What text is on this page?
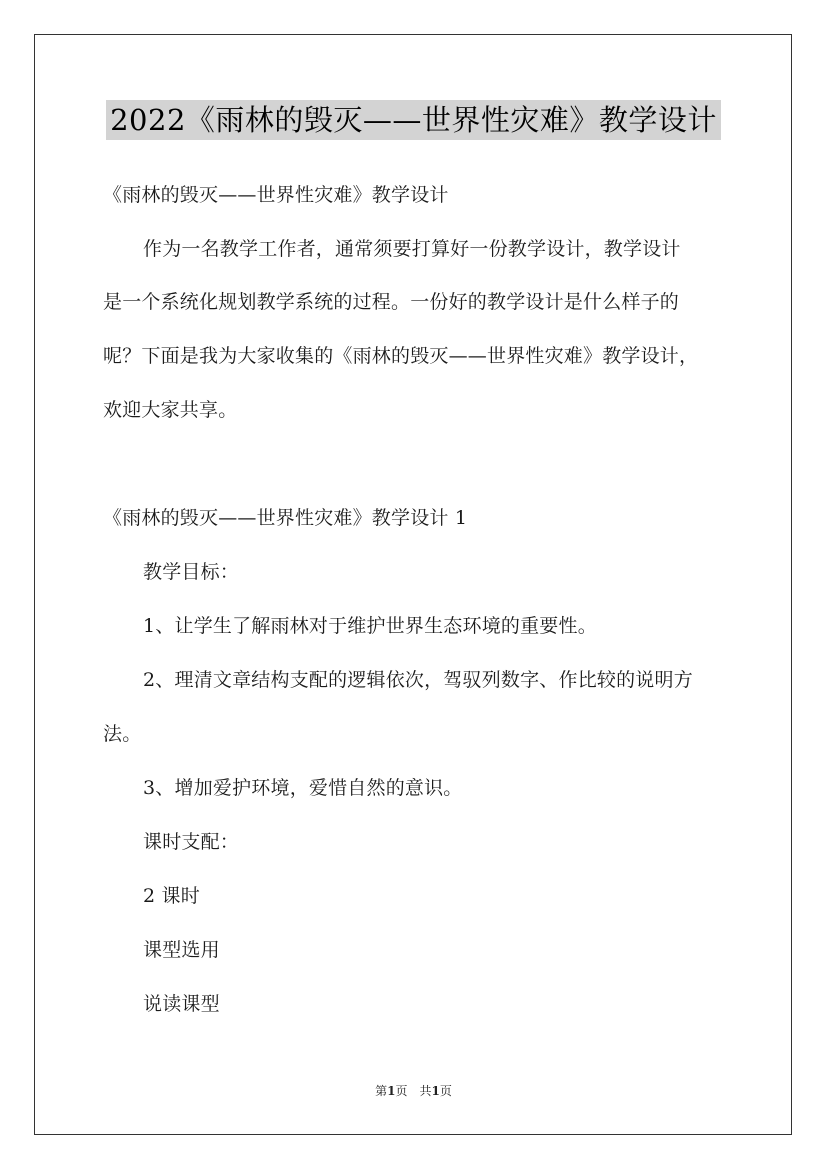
2022《雨林的毁灭——世界性灾难》教学设计
《雨林的毁灭——世界性灾难》教学设计
作为一名教学工作者，通常须要打算好一份教学设计，教学设计
是一个系统化规划教学系统的过程。一份好的教学设计是什么样子的
呢？下面是我为大家收集的《雨林的毁灭——世界性灾难》教学设计，
欢迎大家共享。
《雨林的毁灭——世界性灾难》教学设计 1
教学目标：
1、让学生了解雨林对于维护世界生态环境的重要性。
2、理清文章结构支配的逻辑依次，驾驭列数字、作比较的说明方
法。
3、增加爱护环境，爱惜自然的意识。
课时支配：
2 课时
课型选用
说读课型
第1页　共1页
